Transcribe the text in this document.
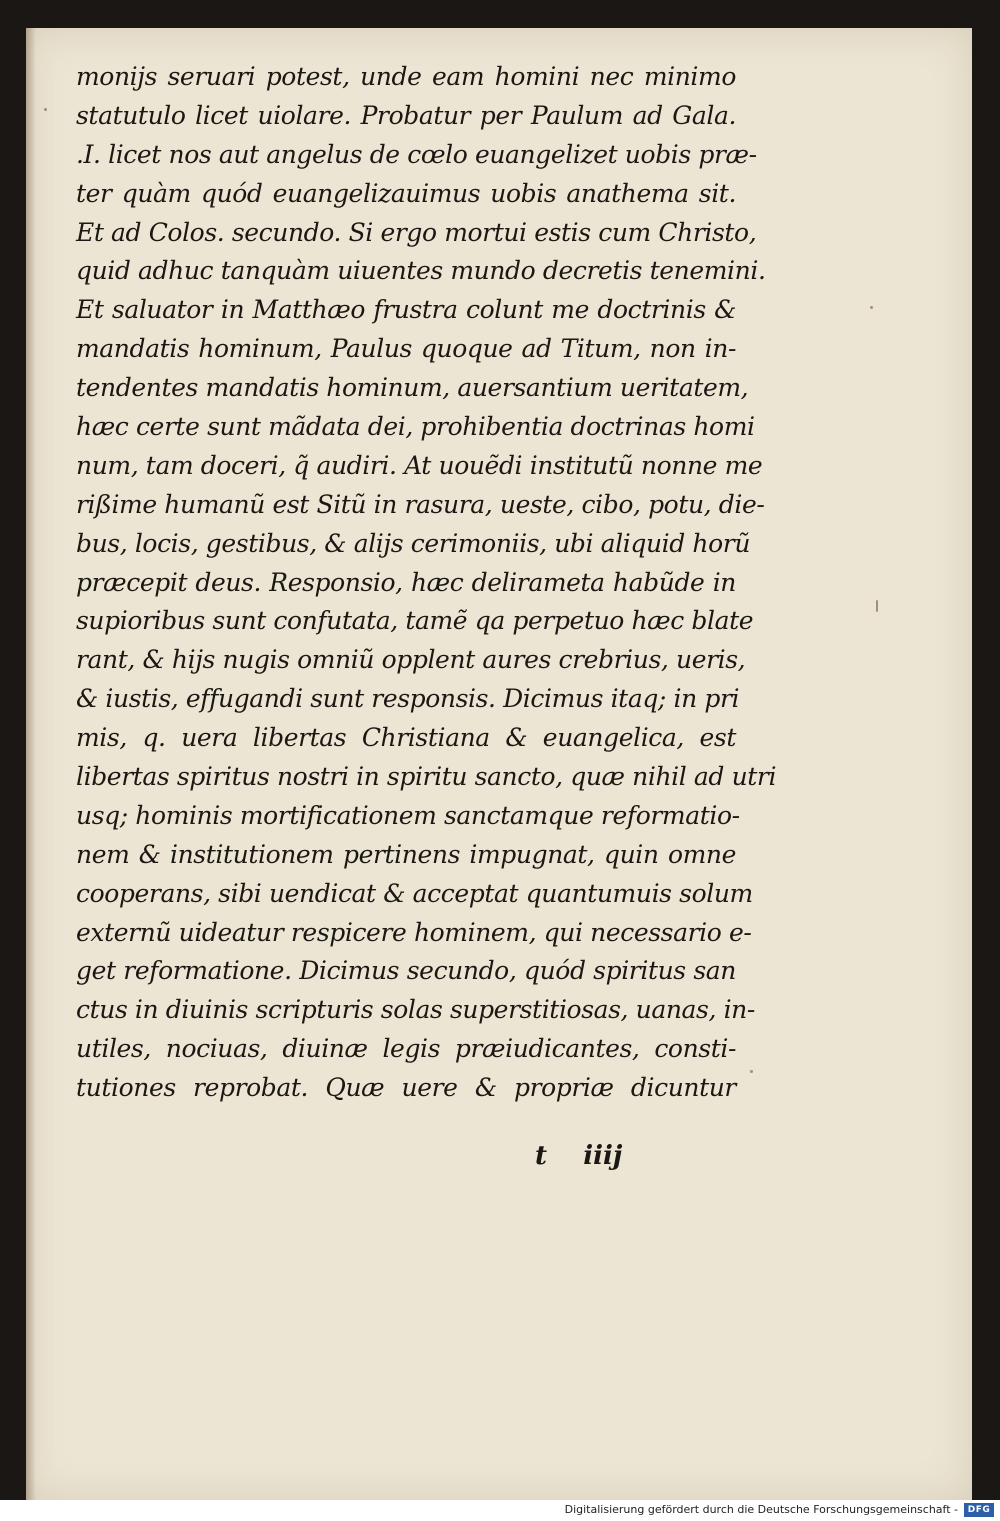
monijs seruari potest, unde eam homini nec minimo
statutulo licet uiolare. Probatur per Paulum ad Gala.
.I. licet nos aut angelus de cœlo euangelizet uobis præ-
ter quàm quód euangelizauimus uobis anathema sit.
Et ad Colos. secundo. Si ergo mortui estis cum Christo,
quid adhuc tanquàm uiuentes mundo decretis tenemini.
Et saluator in Matthæo frustra colunt me doctrinis &
mandatis hominum, Paulus quoque ad Titum, non in-
tendentes mandatis hominum, auersantium ueritatem,
hæc certe sunt mãdata dei, prohibentia doctrinas homi
num, tam doceri, q̃ audiri. At uouẽdi institutũ nonne me
rißime humanũ est Sitũ in rasura, ueste, cibo, potu, die-
bus, locis, gestibus, & alijs cerimoniis, ubi aliquid horũ
præcepit deus. Responsio, hæc delirameta habũde in
supioribus sunt confutata, tamẽ qa perpetuo hæc blate
rant, & hijs nugis omniũ opplent aures crebrius, ueris,
& iustis, effugandi sunt responsis. Dicimus itaq; in pri
mis, q. uera libertas Christiana & euangelica, est
libertas spiritus nostri in spiritu sancto, quæ nihil ad utri
usq; hominis mortificationem sanctamque reformatio-
nem & institutionem pertinens impugnat, quin omne
cooperans, sibi uendicat & acceptat quantumuis solum
externũ uideatur respicere hominem, qui necessario e-
get reformatione. Dicimus secundo, quód spiritus san
ctus in diuinis scripturis solas superstitiosas, uanas, in-
utiles, nociuas, diuinæ legis præiudicantes, consti-
tutiones reprobat. Quæ uere & propriæ dicuntur
t    iiij
Digitalisierung gefördert durch die Deutsche Forschungsgemeinschaft -	DFG
